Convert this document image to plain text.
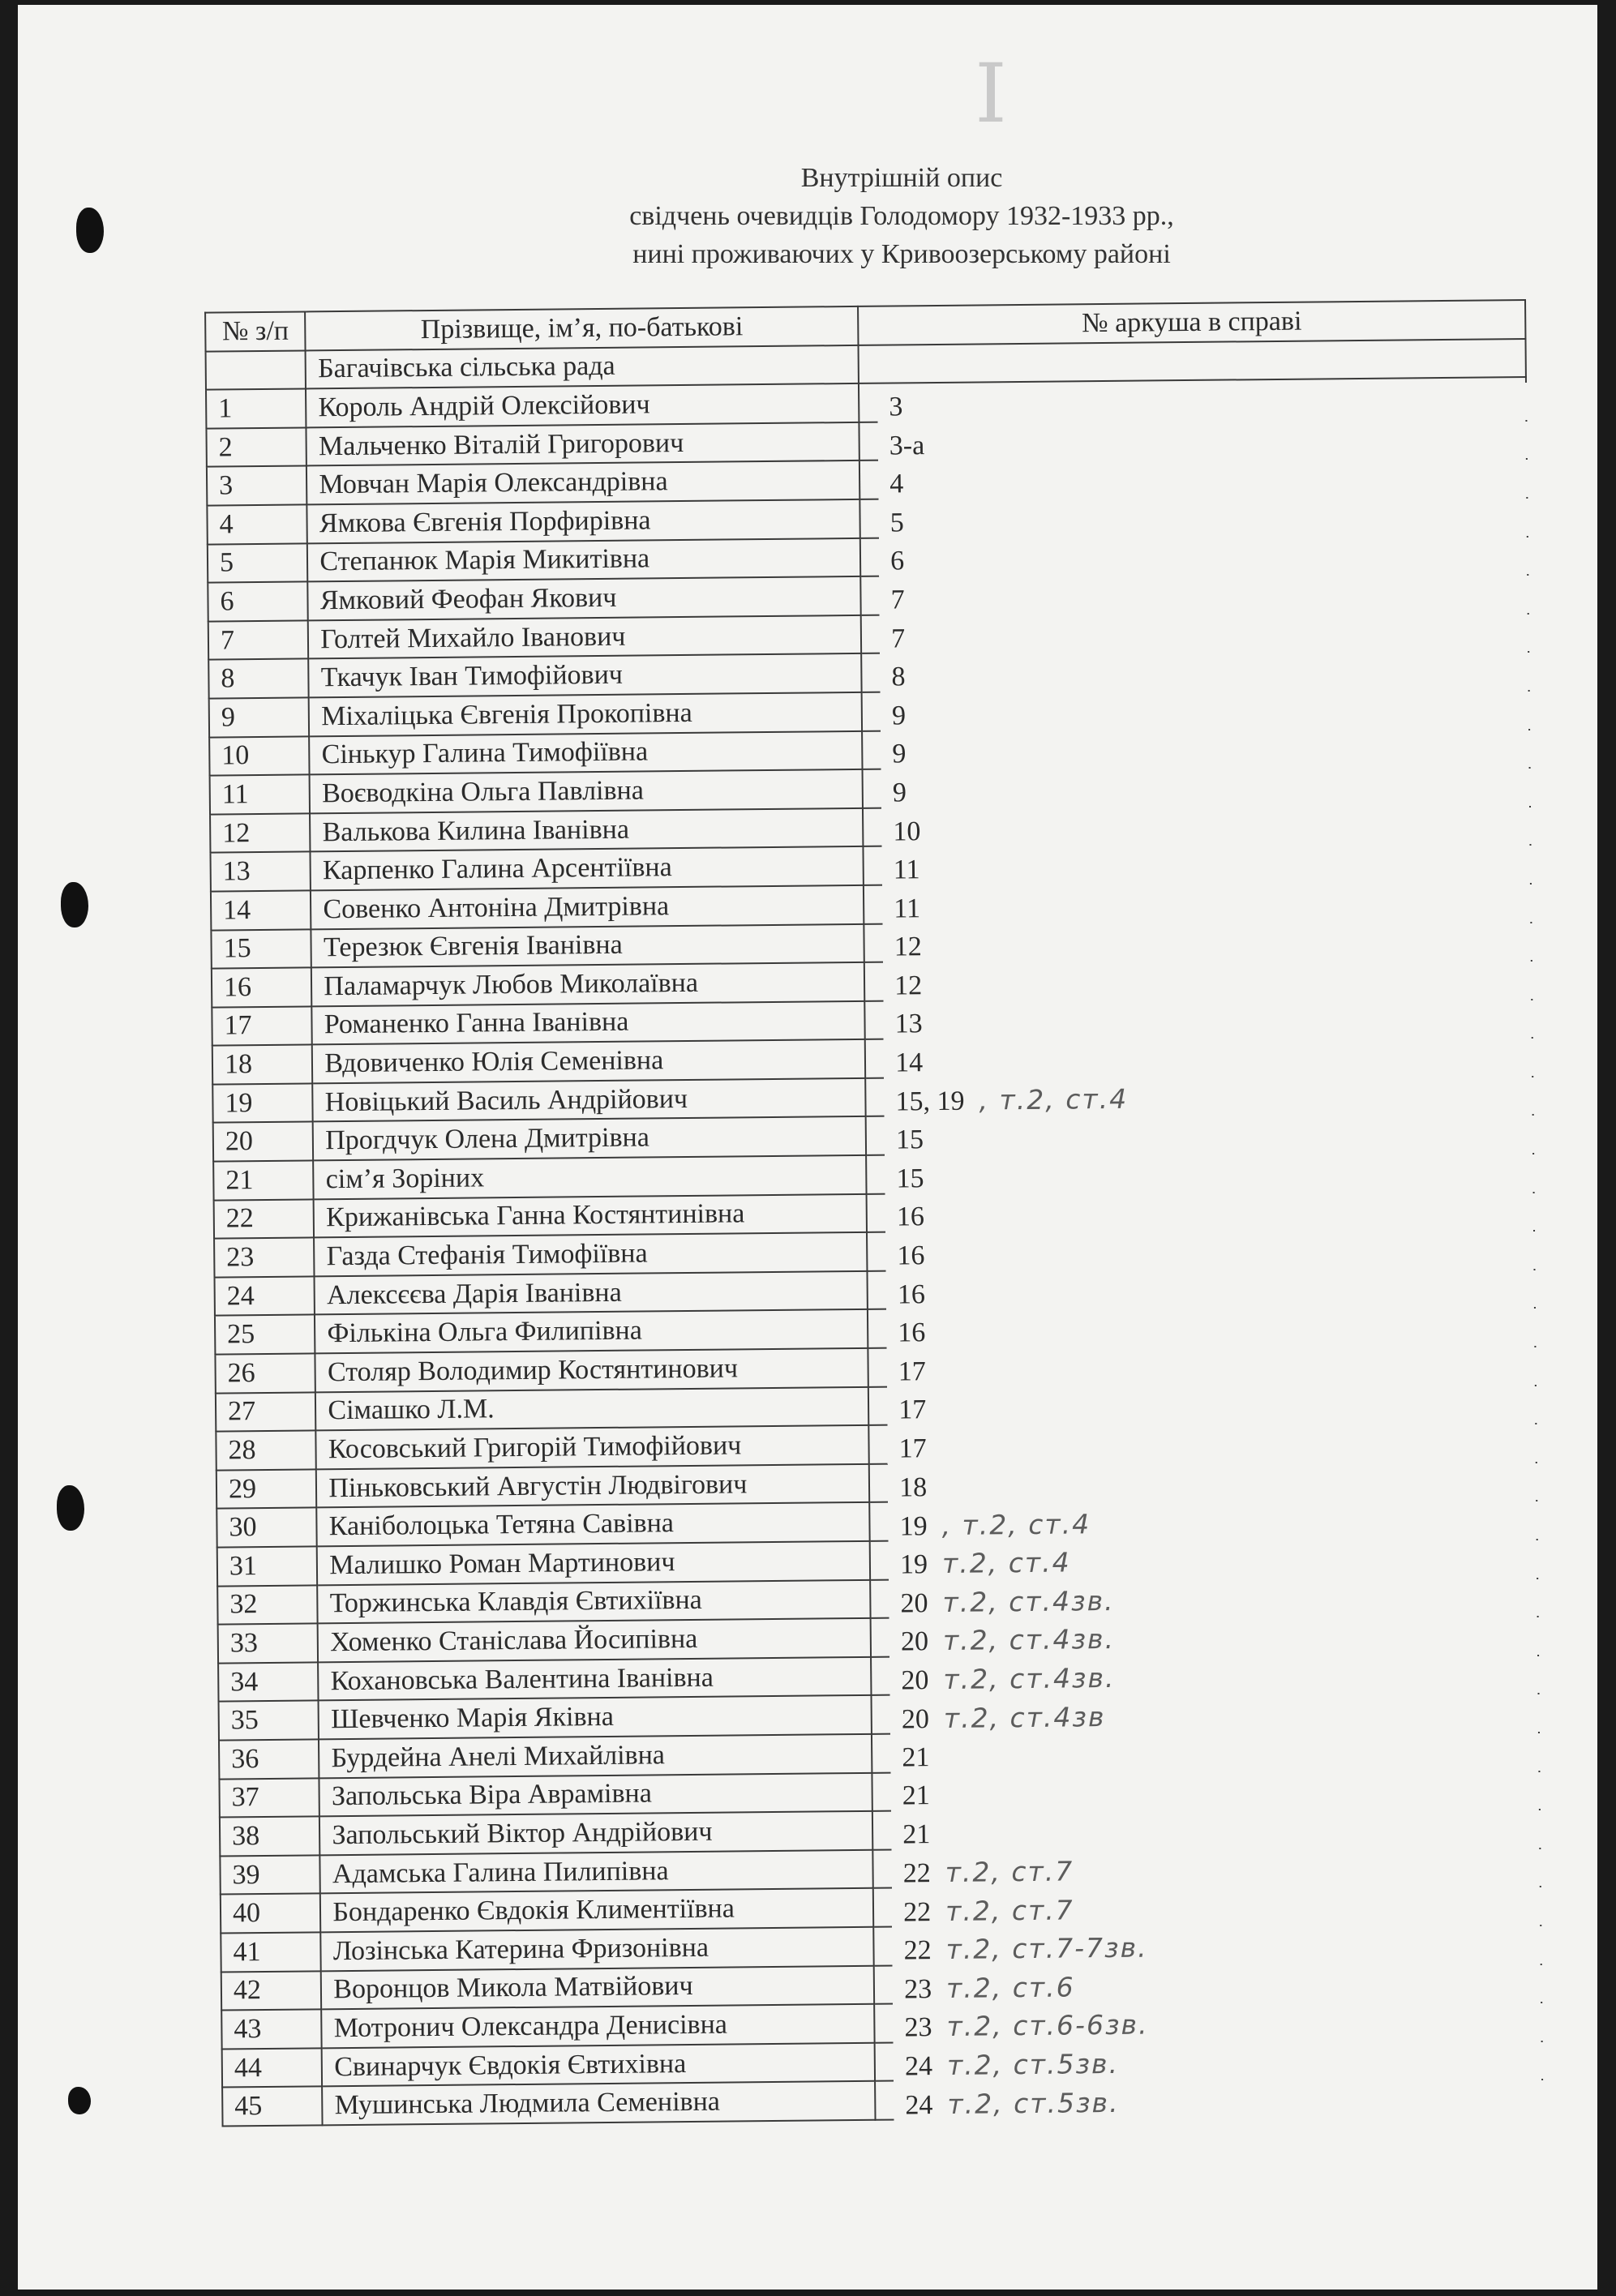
I
Внутрішній опис
свідчень очевидців Голодомору 1932-1933 рр.,
нині проживаючих у Кривоозерському районі
№ з/п	Прізвище, ім’я, по-батькові	№ аркуша в справі
	Багачівська сільська рада	
1	Король Андрій Олексійович	3
2	Мальченко Віталій Григорович	3-а
3	Мовчан Марія Олександрівна	4
4	Ямкова Євгенія Порфирівна	5
5	Степанюк Марія Микитівна	6
6	Ямковий Феофан Якович	7
7	Голтей Михайло Іванович	7
8	Ткачук Іван Тимофійович	8
9	Міхаліцька Євгенія Прокопівна	9
10	Сінькур Галина Тимофіївна	9
11	Воєводкіна Ольга Павлівна	9
12	Валькова Килина Іванівна	10
13	Карпенко Галина Арсентіївна	11
14	Совенко Антоніна Дмитрівна	11
15	Терезюк Євгенія Іванівна	12
16	Паламарчук Любов Миколаївна	12
17	Романенко Ганна Іванівна	13
18	Вдовиченко Юлія Семенівна	14
19	Новіцький Василь Андрійович	15, 19 , т.2, ст.4
20	Прогдчук Олена Дмитрівна	15
21	сім’я Зоріних	15
22	Крижанівська Ганна Костянтинівна	16
23	Газда Стефанія Тимофіївна	16
24	Алексєєва Дарія Іванівна	16
25	Фількіна Ольга Филипівна	16
26	Столяр Володимир Костянтинович	17
27	Сімашко Л.М.	17
28	Косовський Григорій Тимофійович	17
29	Піньковський Августін Людвігович	18
30	Каніболоцька Тетяна Савівна	19 , т.2, ст.4
31	Малишко Роман Мартинович	19 т.2, ст.4
32	Торжинська Клавдія Євтихіївна	20 т.2, ст.4зв.
33	Хоменко Станіслава Йосипівна	20 т.2, ст.4зв.
34	Кохановська Валентина Іванівна	20 т.2, ст.4зв.
35	Шевченко Марія Яківна	20 т.2, ст.4зв
36	Бурдейна Анелі Михайлівна	21
37	Запольська Віра Аврамівна	21
38	Запольський Віктор Андрійович	21
39	Адамська Галина Пилипівна	22 т.2, ст.7
40	Бондаренко Євдокія Климентіївна	22 т.2, ст.7
41	Лозінська Катерина Фризонівна	22 т.2, ст.7-7зв.
42	Воронцов Микола Матвійович	23 т.2, ст.6
43	Мотронич Олександра Денисівна	23 т.2, ст.6-6зв.
44	Свинарчук Євдокія Євтихівна	24 т.2, ст.5зв.
45	Мушинська Людмила Семенівна	24 т.2, ст.5зв.
